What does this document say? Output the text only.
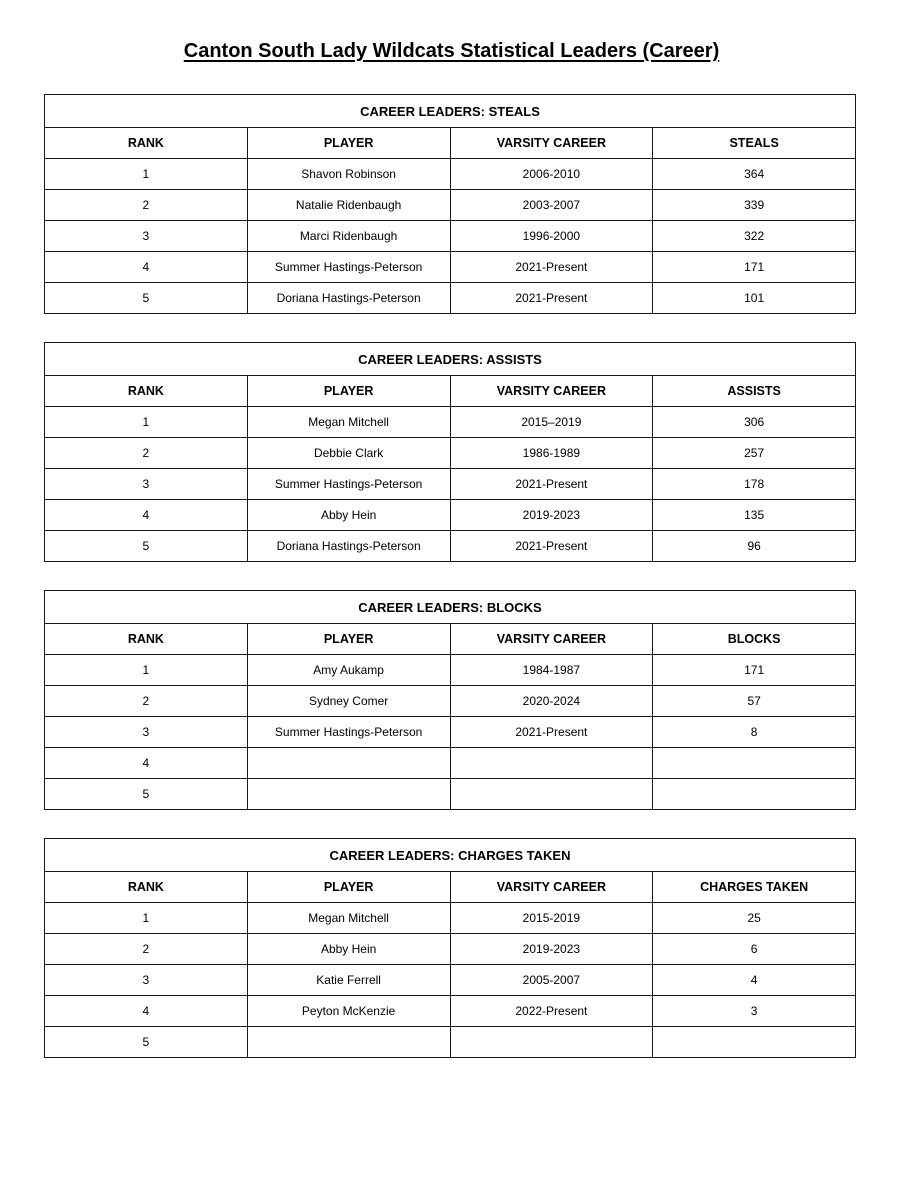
Canton South Lady Wildcats Statistical Leaders (Career)
CAREER LEADERS: STEALS			
RANK	PLAYER	VARSITY CAREER	STEALS
1	Shavon Robinson	2006-2010	364
2	Natalie Ridenbaugh	2003-2007	339
3	Marci Ridenbaugh	1996-2000	322
4	Summer Hastings-Peterson	2021-Present	171
5	Doriana Hastings-Peterson	2021-Present	101
CAREER LEADERS: ASSISTS			
RANK	PLAYER	VARSITY CAREER	ASSISTS
1	Megan Mitchell	2015–2019	306
2	Debbie Clark	1986-1989	257
3	Summer Hastings-Peterson	2021-Present	178
4	Abby Hein	2019-2023	135
5	Doriana Hastings-Peterson	2021-Present	96
CAREER LEADERS: BLOCKS			
RANK	PLAYER	VARSITY CAREER	BLOCKS
1	Amy Aukamp	1984-1987	171
2	Sydney Comer	2020-2024	57
3	Summer Hastings-Peterson	2021-Present	8
4			
5			
CAREER LEADERS: CHARGES TAKEN			
RANK	PLAYER	VARSITY CAREER	CHARGES TAKEN
1	Megan Mitchell	2015-2019	25
2	Abby Hein	2019-2023	6
3	Katie Ferrell	2005-2007	4
4	Peyton McKenzie	2022-Present	3
5			
